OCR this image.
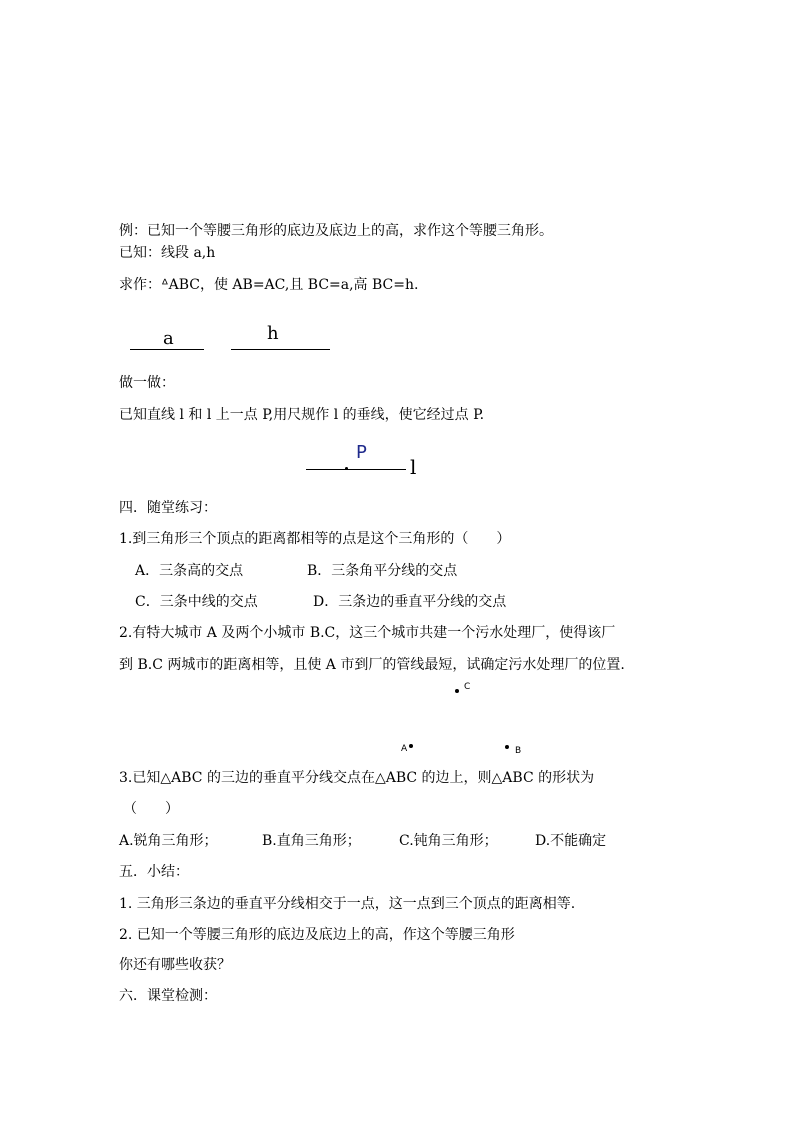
例：已知一个等腰三角形的底边及底边上的高，求作这个等腰三角形。
已知：线段 a,h
求作：ᐞABC，使 AB=AC,且 BC=a,高 BC=h.
a	h
做一做：
已知直线 l 和 l 上一点 P,用尺规作 l 的垂线，使它经过点 P.
P
l
四．随堂练习：
1.到三角形三个顶点的距离都相等的点是这个三角形的（　　）
A．三条高的交点	B．三条角平分线的交点
C．三条中线的交点	D．三条边的垂直平分线的交点
2.有特大城市 A 及两个小城市 B.C，这三个城市共建一个污水处理厂，使得该厂
到 B.C 两城市的距离相等，且使 A 市到厂的管线最短，试确定污水处理厂的位置.
C
A	B
3.已知△ABC 的三边的垂直平分线交点在△ABC 的边上，则△ABC 的形状为
（　　）
A.锐角三角形；	B.直角三角形；	C.钝角三角形；	D.不能确定
五．小结：
1. 三角形三条边的垂直平分线相交于一点，这一点到三个顶点的距离相等.
2. 已知一个等腰三角形的底边及底边上的高，作这个等腰三角形
你还有哪些收获？
六．课堂检测：
